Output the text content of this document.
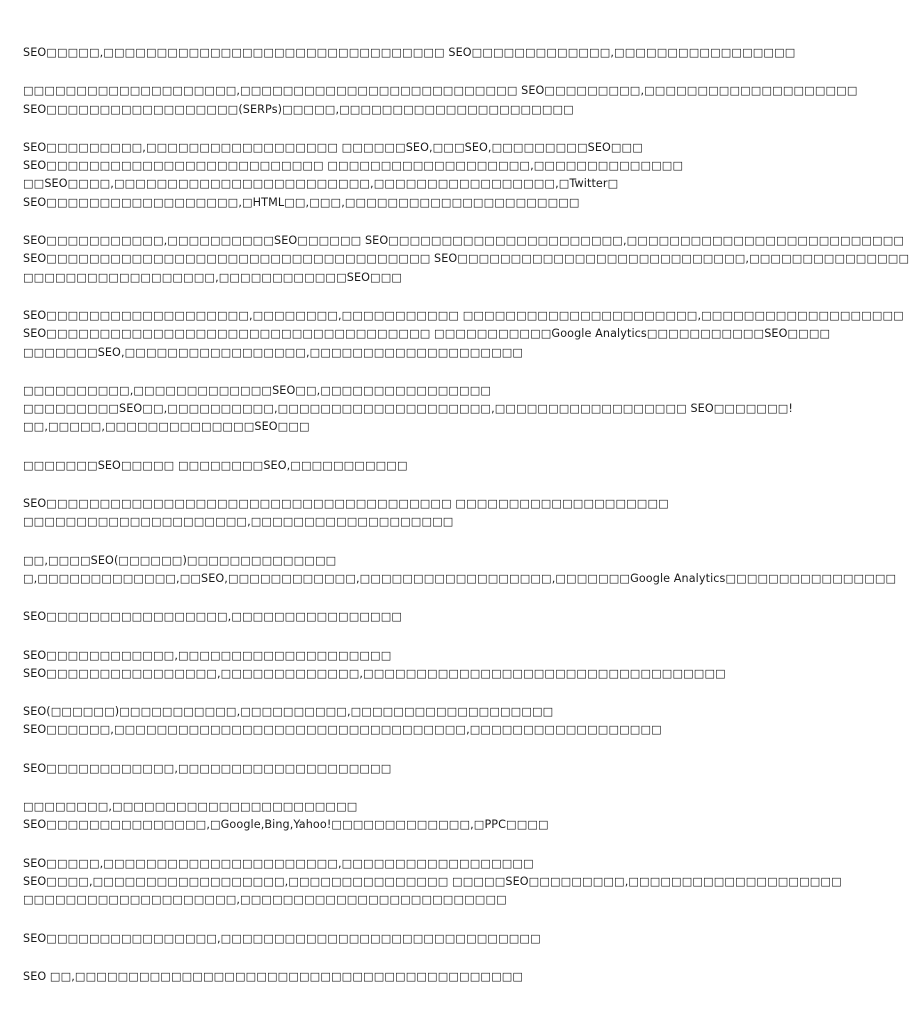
SEO□□□□□,□□□□□□□□□□□□□□□□□□□□□□□□□□□□□□□□ SEO□□□□□□□□□□□□□,□□□□□□□□□□□□□□□□□

□□□□□□□□□□□□□□□□□□□□,□□□□□□□□□□□□□□□□□□□□□□□□□□ SEO□□□□□□□□□,□□□□□□□□□□□□□□□□□□□□
SEO□□□□□□□□□□□□□□□□□□(SERPs)□□□□□,□□□□□□□□□□□□□□□□□□□□□□

SEO□□□□□□□□□,□□□□□□□□□□□□□□□□□□ □□□□□□SEO,□□□SEO,□□□□□□□□□SEO□□□
SEO□□□□□□□□□□□□□□□□□□□□□□□□□□ □□□□□□□□□□□□□□□□□□□,□□□□□□□□□□□□□□
□□SEO□□□□,□□□□□□□□□□□□□□□□□□□□□□□□,□□□□□□□□□□□□□□□□□,□Twitter□
SEO□□□□□□□□□□□□□□□□□□,□HTML□□,□□□,□□□□□□□□□□□□□□□□□□□□□□

SEO□□□□□□□□□□□,□□□□□□□□□□SEO□□□□□□ SEO□□□□□□□□□□□□□□□□□□□□□□,□□□□□□□□□□□□□□□□□□□□□□□□□□
SEO□□□□□□□□□□□□□□□□□□□□□□□□□□□□□□□□□□□□ SEO□□□□□□□□□□□□□□□□□□□□□□□□□□□,□□□□□□□□□□□□□□□
□□□□□□□□□□□□□□□□□□,□□□□□□□□□□□□SEO□□□

SEO□□□□□□□□□□□□□□□□□□□,□□□□□□□□,□□□□□□□□□□□ □□□□□□□□□□□□□□□□□□□□□□,□□□□□□□□□□□□□□□□□□□
SEO□□□□□□□□□□□□□□□□□□□□□□□□□□□□□□□□□□□□ □□□□□□□□□□□Google Analytics□□□□□□□□□□□SEO□□□□
□□□□□□□SEO,□□□□□□□□□□□□□□□□□,□□□□□□□□□□□□□□□□□□□□

□□□□□□□□□□,□□□□□□□□□□□□□SEO□□,□□□□□□□□□□□□□□□□
□□□□□□□□□SEO□□,□□□□□□□□□□,□□□□□□□□□□□□□□□□□□□□,□□□□□□□□□□□□□□□□□□ SEO□□□□□□□!
□□,□□□□□,□□□□□□□□□□□□□□SEO□□□

□□□□□□□SEO□□□□□ □□□□□□□□SEO,□□□□□□□□□□□

SEO□□□□□□□□□□□□□□□□□□□□□□□□□□□□□□□□□□□□□□ □□□□□□□□□□□□□□□□□□□□
□□□□□□□□□□□□□□□□□□□□□,□□□□□□□□□□□□□□□□□□□

□□,□□□□SEO(□□□□□□)□□□□□□□□□□□□□□
□,□□□□□□□□□□□□□,□□SEO,□□□□□□□□□□□□,□□□□□□□□□□□□□□□□□□,□□□□□□□Google Analytics□□□□□□□□□□□□□□□□

SEO□□□□□□□□□□□□□□□□□,□□□□□□□□□□□□□□□□

SEO□□□□□□□□□□□□,□□□□□□□□□□□□□□□□□□□□
SEO□□□□□□□□□□□□□□□□,□□□□□□□□□□□□□,□□□□□□□□□□□□□□□□□□□□□□□□□□□□□□□□□□

SEO(□□□□□□)□□□□□□□□□□□,□□□□□□□□□□,□□□□□□□□□□□□□□□□□□□
SEO□□□□□□,□□□□□□□□□□□□□□□□□□□□□□□□□□□□□□□□□,□□□□□□□□□□□□□□□□□□

SEO□□□□□□□□□□□□,□□□□□□□□□□□□□□□□□□□□

□□□□□□□□,□□□□□□□□□□□□□□□□□□□□□□□
SEO□□□□□□□□□□□□□□□,□Google,Bing,Yahoo!□□□□□□□□□□□□□,□PPC□□□□

SEO□□□□□,□□□□□□□□□□□□□□□□□□□□□□,□□□□□□□□□□□□□□□□□□
SEO□□□□,□□□□□□□□□□□□□□□□□□,□□□□□□□□□□□□□□□ □□□□□SEO□□□□□□□□□,□□□□□□□□□□□□□□□□□□□□
□□□□□□□□□□□□□□□□□□□□,□□□□□□□□□□□□□□□□□□□□□□□□□

SEO□□□□□□□□□□□□□□□□,□□□□□□□□□□□□□□□□□□□□□□□□□□□□□□

SEO □□,□□□□□□□□□□□□□□□□□□□□□□□□□□□□□□□□□□□□□□□□□□
